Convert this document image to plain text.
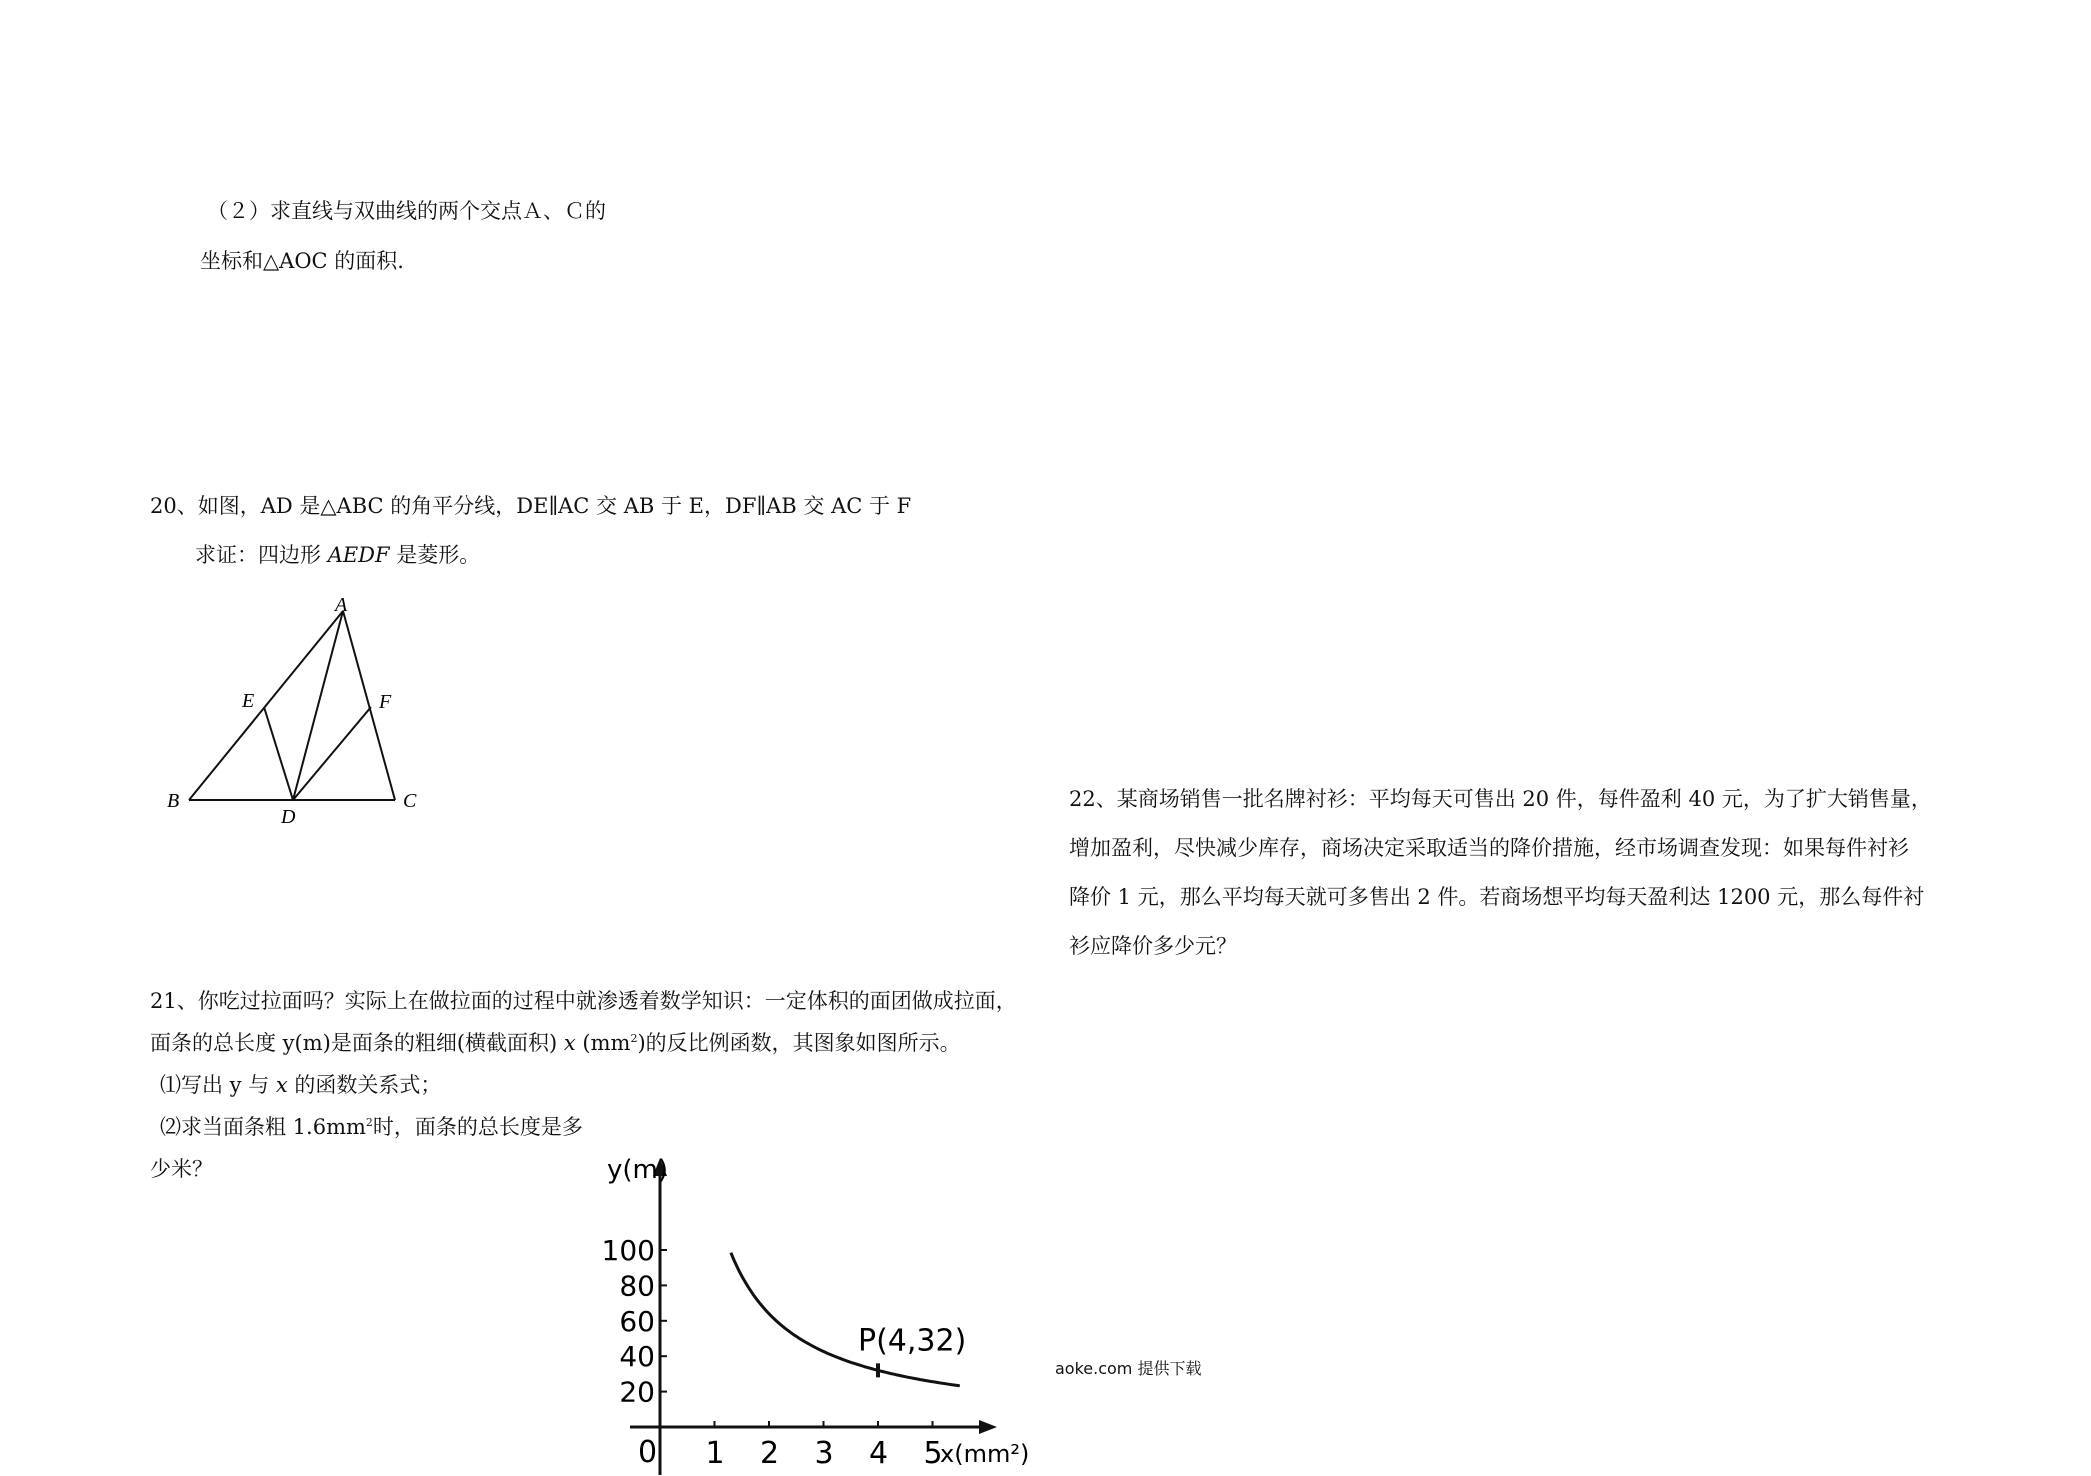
（２）求直线与双曲线的两个交点Ａ、Ｃ的
坐标和△AOC 的面积.
20、如图，AD 是△ABC 的角平分线，DE∥AC 交 AB 于 E，DF∥AB 交 AC 于 F
求证：四边形 AEDF 是菱形。
A
B	C
D
E	F
22、某商场销售一批名牌衬衫：平均每天可售出 20 件，每件盈利 40 元，为了扩大销售量，
增加盈利，尽快减少库存，商场决定采取适当的降价措施，经市场调查发现：如果每件衬衫
降价 1 元，那么平均每天就可多售出 2 件。若商场想平均每天盈利达 1200 元，那么每件衬
衫应降价多少元？
21、你吃过拉面吗？实际上在做拉面的过程中就渗透着数学知识：一定体积的面团做成拉面，
面条的总长度 y(m)是面条的粗细(横截面积) x $(mm^2)$的反比例函数，其图象如图所示。
⑴写出 y 与 x 的函数关系式；
⑵求当面条粗 $1.6mm^2$时，面条的总长度是多
少米？	y(m)
x(mm²)
0 1 2 3 4 5
20
40
60
80
100
P(4,32)
aoke.com 提供下载
